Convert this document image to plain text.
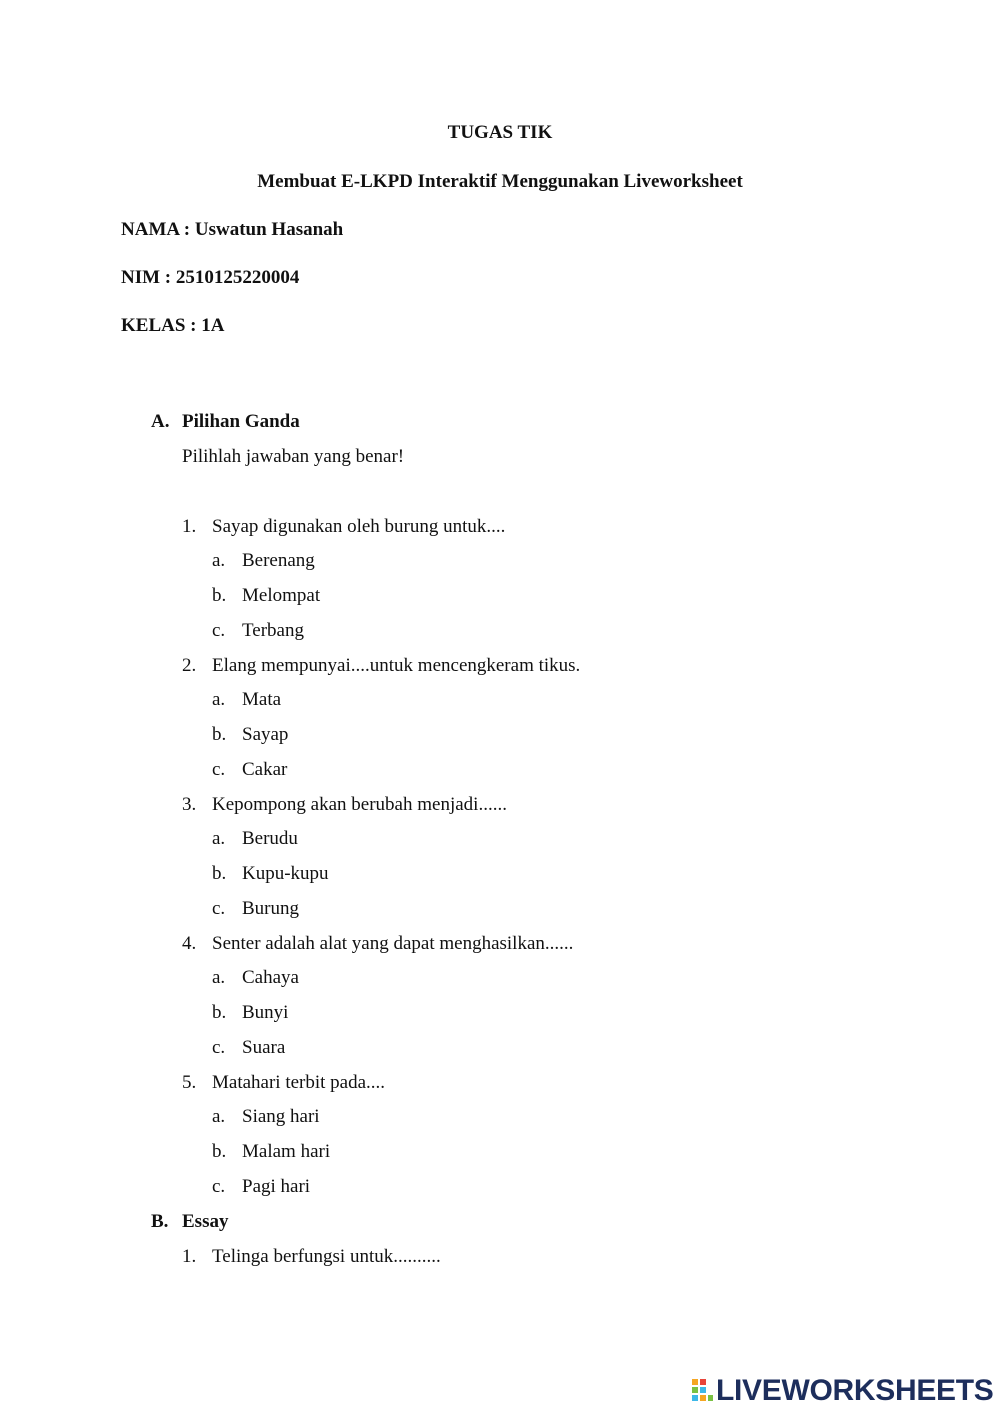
TUGAS TIK
Membuat E-LKPD Interaktif Menggunakan Liveworksheet
NAMA : Uswatun Hasanah
NIM : 2510125220004
KELAS : 1A
A. Pilihan Ganda
Pilihlah jawaban yang benar!
1. Sayap digunakan oleh burung untuk....
a. Berenang
b. Melompat
c. Terbang
2. Elang mempunyai....untuk mencengkeram tikus.
a. Mata
b. Sayap
c. Cakar
3. Kepompong akan berubah menjadi......
a. Berudu
b. Kupu-kupu
c. Burung
4. Senter adalah alat yang dapat menghasilkan......
a. Cahaya
b. Bunyi
c. Suara
5. Matahari terbit pada....
a. Siang hari
b. Malam hari
c. Pagi hari
B. Essay
1. Telinga berfungsi untuk..........
LIVEWORKSHEETS
